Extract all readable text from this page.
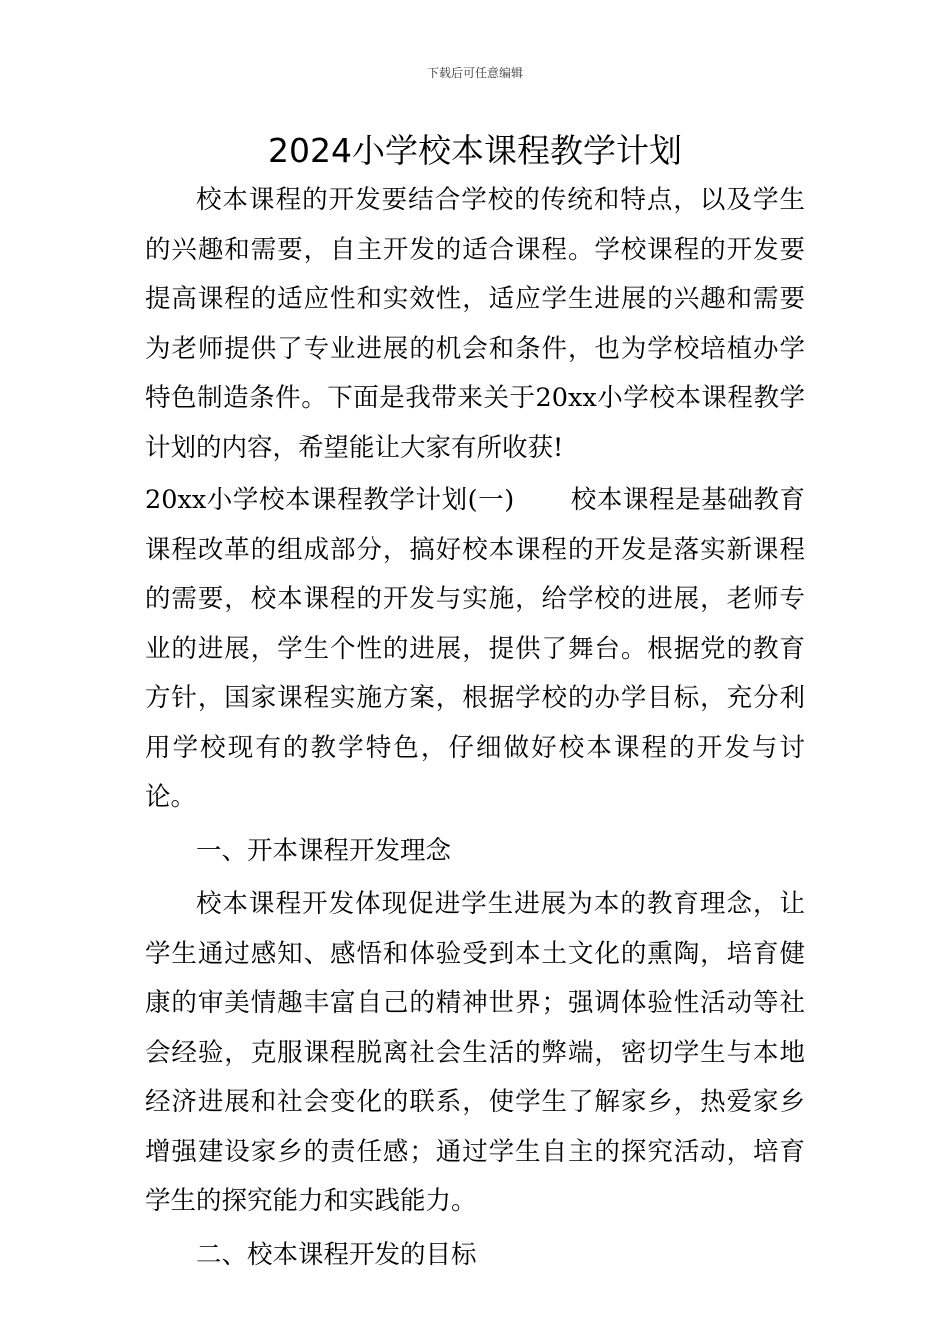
下载后可任意编辑
2024小学校本课程教学计划

校本课程的开发要结合学校的传统和特点，以及学生的兴趣和需要，自主开发的适合课程。学校课程的开发要提高课程的适应性和实效性，适应学生进展的兴趣和需要为老师提供了专业进展的机会和条件，也为学校培植办学特色制造条件。下面是我带来关于20xx小学校本课程教学计划的内容，希望能让大家有所收获!

20xx小学校本课程教学计划(一) 校本课程是基础教育课程改革的组成部分，搞好校本课程的开发是落实新课程的需要，校本课程的开发与实施，给学校的进展，老师专业的进展，学生个性的进展，提供了舞台。根据党的教育方针，国家课程实施方案，根据学校的办学目标，充分利用学校现有的教学特色，仔细做好校本课程的开发与讨论。

一、开本课程开发理念

校本课程开发体现促进学生进展为本的教育理念，让学生通过感知、感悟和体验受到本土文化的熏陶，培育健康的审美情趣丰富自己的精神世界；强调体验性活动等社会经验，克服课程脱离社会生活的弊端，密切学生与本地经济进展和社会变化的联系，使学生了解家乡，热爱家乡增强建设家乡的责任感；通过学生自主的探究活动，培育学生的探究能力和实践能力。

二、校本课程开发的目标
